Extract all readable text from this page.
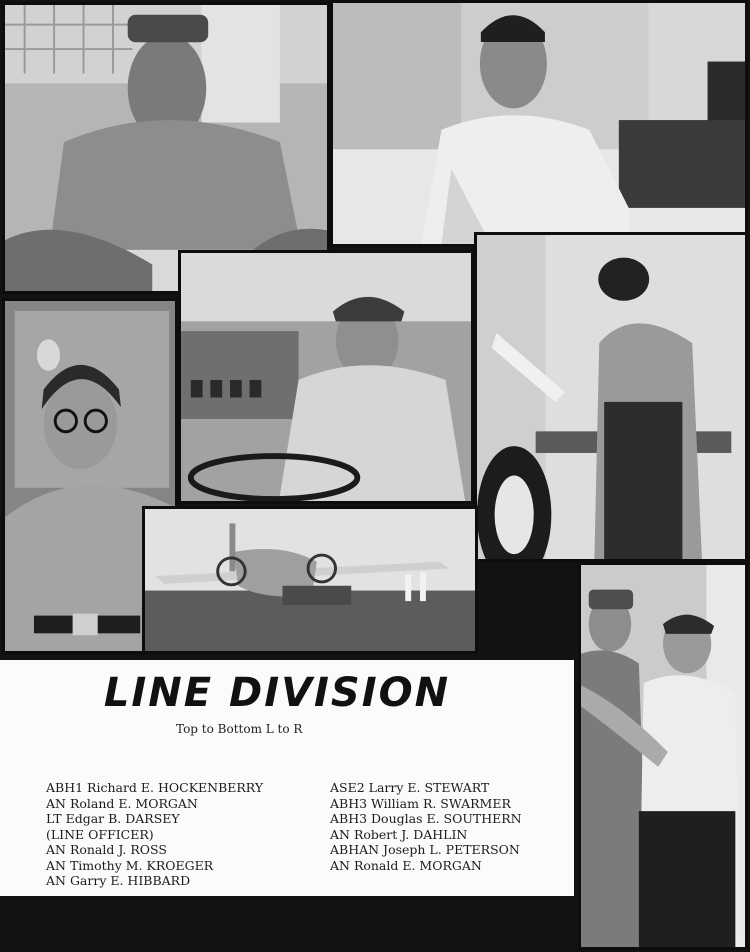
LINE DIVISION
Top to Bottom L to R
ABH1 Richard E. HOCKENBERRY
AN Roland E. MORGAN
LT Edgar B. DARSEY
(LINE OFFICER)
AN Ronald J. ROSS
AN Timothy M. KROEGER
AN Garry E. HIBBARD
ASE2 Larry E. STEWART
ABH3 William R. SWARMER
ABH3 Douglas E. SOUTHERN
AN Robert J. DAHLIN
ABHAN Joseph L. PETERSON
AN Ronald E. MORGAN
